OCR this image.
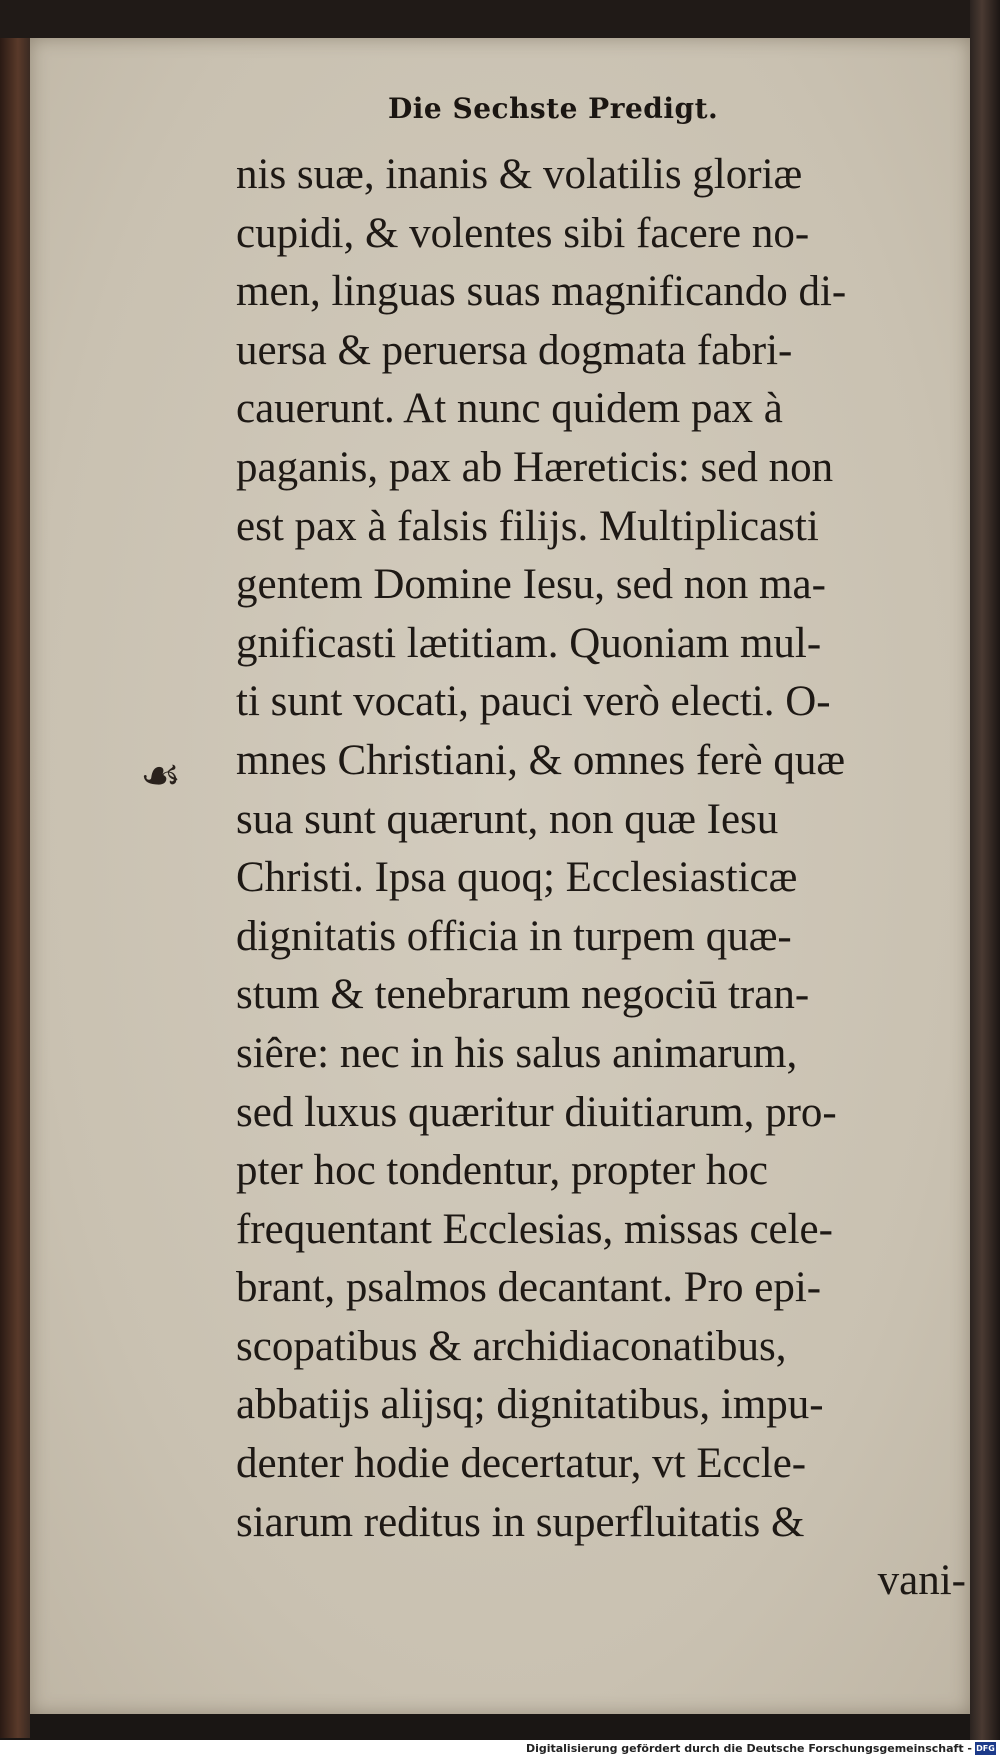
Die Sechste Predigt.
☙
nis suæ, inanis & volatilis gloriæ
cupidi, & volentes sibi facere no-
men, linguas suas magnificando di-
uersa & peruersa dogmata fabri-
cauerunt. At nunc quidem pax à
paganis, pax ab Hæreticis: sed non
est pax à falsis filijs. Multiplicasti
gentem Domine Iesu, sed non ma-
gnificasti lætitiam. Quoniam mul-
ti sunt vocati, pauci verò electi. O-
mnes Christiani, & omnes ferè quæ
sua sunt quærunt, non quæ Iesu
Christi. Ipsa quoq; Ecclesiasticæ
dignitatis officia in turpem quæ-
stum & tenebrarum negociū tran-
siêre: nec in his salus animarum,
sed luxus quæritur diuitiarum, pro-
pter hoc tondentur, propter hoc
frequentant Ecclesias, missas cele-
brant, psalmos decantant. Pro epi-
scopatibus & archidiaconatibus,
abbatijs alijsq; dignitatibus, impu-
denter hodie decertatur, vt Eccle-
siarum reditus in superfluitatis &
vani-
Digitalisierung gefördert durch die Deutsche Forschungsgemeinschaft - DFG
